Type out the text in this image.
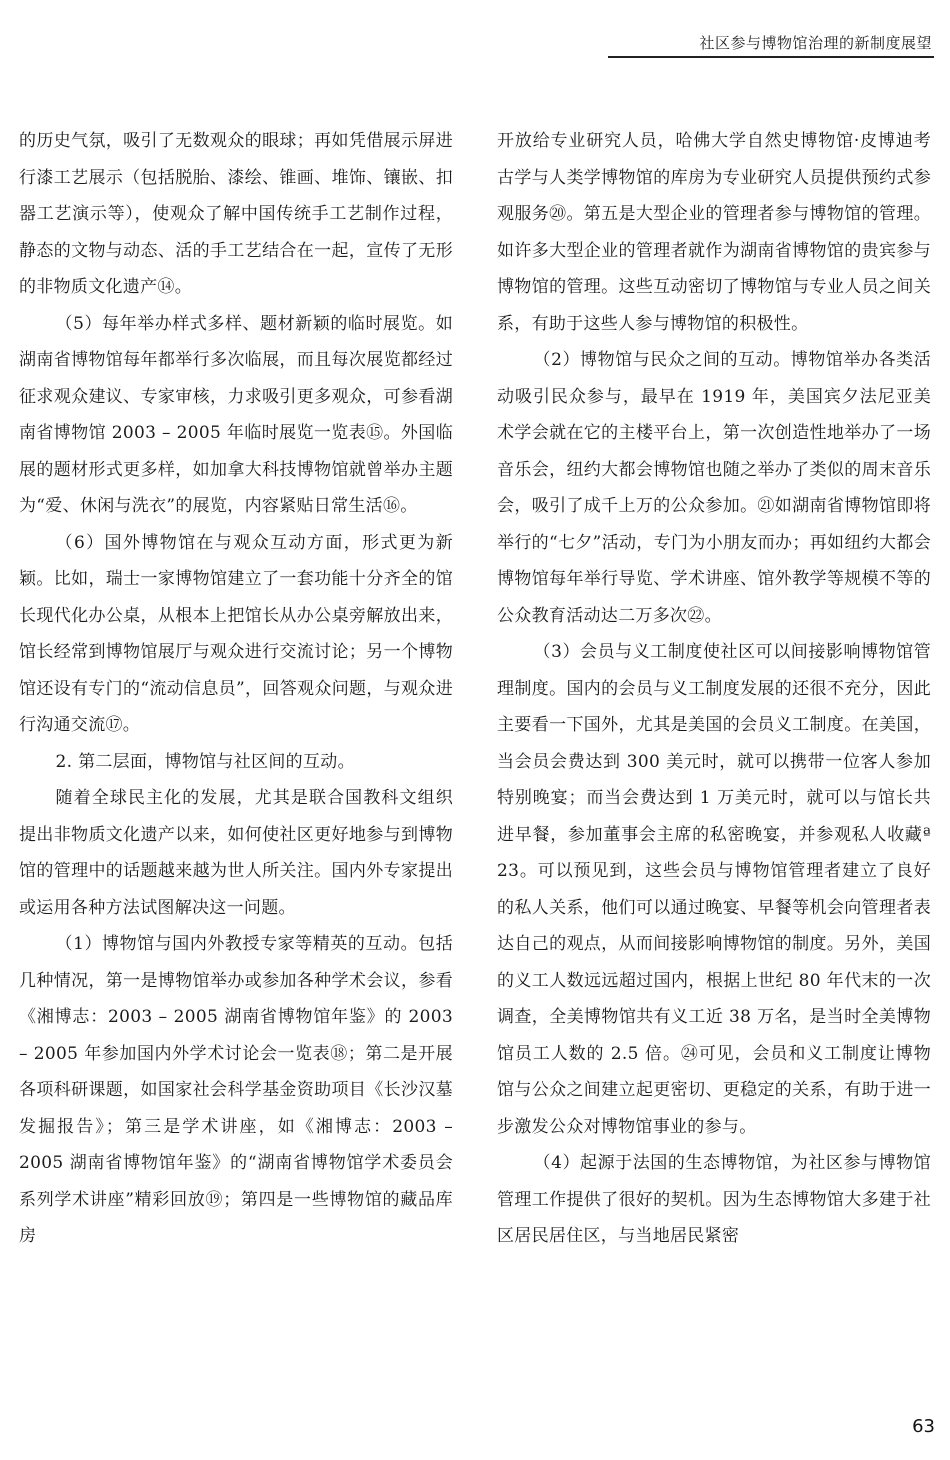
社区参与博物馆治理的新制度展望

的历史气氛，吸引了无数观众的眼球；再如凭借展示屏进行漆工艺展示（包括脱胎、漆绘、锥画、堆饰、镶嵌、扣器工艺演示等），使观众了解中国传统手工艺制作过程，静态的文物与动态、活的手工艺结合在一起，宣传了无形的非物质文化遗产⑭。

（5）每年举办样式多样、题材新颖的临时展览。如湖南省博物馆每年都举行多次临展，而且每次展览都经过征求观众建议、专家审核，力求吸引更多观众，可参看湖南省博物馆 2003 – 2005 年临时展览一览表⑮。外国临展的题材形式更多样，如加拿大科技博物馆就曾举办主题为“爱、休闲与洗衣”的展览，内容紧贴日常生活⑯。

（6）国外博物馆在与观众互动方面，形式更为新颖。比如，瑞士一家博物馆建立了一套功能十分齐全的馆长现代化办公桌，从根本上把馆长从办公桌旁解放出来，馆长经常到博物馆展厅与观众进行交流讨论；另一个博物馆还设有专门的“流动信息员”，回答观众问题，与观众进行沟通交流⑰。

2. 第二层面，博物馆与社区间的互动。

随着全球民主化的发展，尤其是联合国教科文组织提出非物质文化遗产以来，如何使社区更好地参与到博物馆的管理中的话题越来越为世人所关注。国内外专家提出或运用各种方法试图解决这一问题。

（1）博物馆与国内外教授专家等精英的互动。包括几种情况，第一是博物馆举办或参加各种学术会议，参看《湘博志：2003 – 2005 湖南省博物馆年鉴》的 2003 – 2005 年参加国内外学术讨论会一览表⑱；第二是开展各项科研课题，如国家社会科学基金资助项目《长沙汉墓发掘报告》；第三是学术讲座，如《湘博志：2003 – 2005 湖南省博物馆年鉴》的“湖南省博物馆学术委员会系列学术讲座”精彩回放⑲；第四是一些博物馆的藏品库房

开放给专业研究人员，哈佛大学自然史博物馆·皮博迪考古学与人类学博物馆的库房为专业研究人员提供预约式参观服务⑳。第五是大型企业的管理者参与博物馆的管理。如许多大型企业的管理者就作为湖南省博物馆的贵宾参与博物馆的管理。这些互动密切了博物馆与专业人员之间关系，有助于这些人参与博物馆的积极性。

（2）博物馆与民众之间的互动。博物馆举办各类活动吸引民众参与，最早在 1919 年，美国宾夕法尼亚美术学会就在它的主楼平台上，第一次创造性地举办了一场音乐会，纽约大都会博物馆也随之举办了类似的周末音乐会，吸引了成千上万的公众参加。㉑如湖南省博物馆即将举行的“七夕”活动，专门为小朋友而办；再如纽约大都会博物馆每年举行导览、学术讲座、馆外教学等规模不等的公众教育活动达二万多次㉒。

（3）会员与义工制度使社区可以间接影响博物馆管理制度。国内的会员与义工制度发展的还很不充分，因此主要看一下国外，尤其是美国的会员义工制度。在美国，当会员会费达到 300 美元时，就可以携带一位客人参加特别晚宴；而当会费达到 1 万美元时，就可以与馆长共进早餐，参加董事会主席的私密晚宴，并参观私人收藏ª 23。可以预见到，这些会员与博物馆管理者建立了良好的私人关系，他们可以通过晚宴、早餐等机会向管理者表达自己的观点，从而间接影响博物馆的制度。另外，美国的义工人数远远超过国内，根据上世纪 80 年代末的一次调查，全美博物馆共有义工近 38 万名，是当时全美博物馆员工人数的 2.5 倍。㉔可见，会员和义工制度让博物馆与公众之间建立起更密切、更稳定的关系，有助于进一步激发公众对博物馆事业的参与。

（4）起源于法国的生态博物馆，为社区参与博物馆管理工作提供了很好的契机。因为生态博物馆大多建于社区居民居住区，与当地居民紧密

63
